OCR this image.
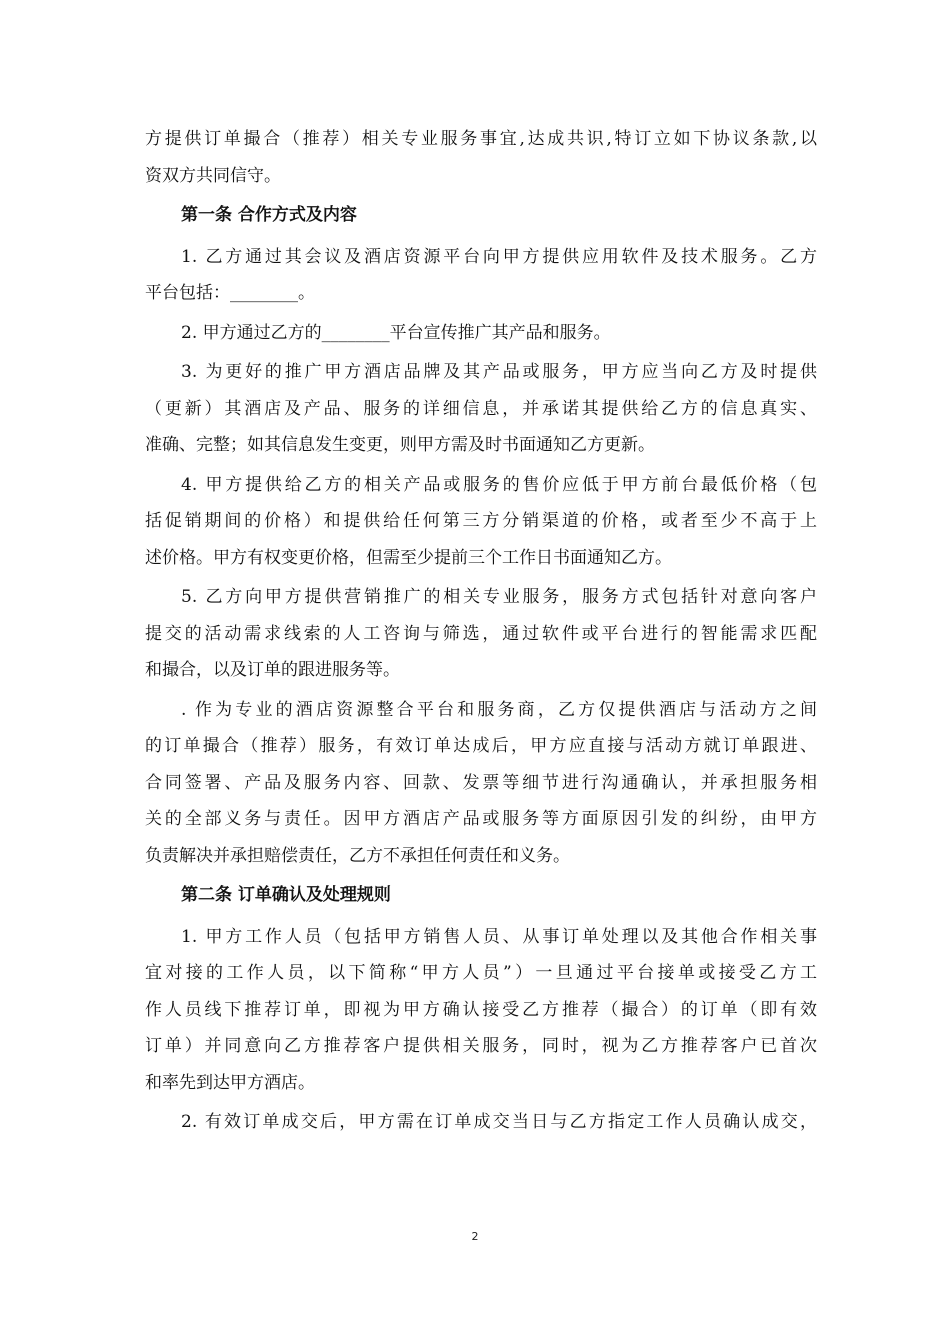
方提供订单撮合（推荐）相关专业服务事宜,达成共识,特订立如下协议条款,以
资双方共同信守。

第一条 合作方式及内容

1. 乙方通过其会议及酒店资源平台向甲方提供应用软件及技术服务。乙方
平台包括：________。

2. 甲方通过乙方的________平台宣传推广其产品和服务。

3. 为更好的推广甲方酒店品牌及其产品或服务，甲方应当向乙方及时提供
（更新）其酒店及产品、服务的详细信息，并承诺其提供给乙方的信息真实、
准确、完整；如其信息发生变更，则甲方需及时书面通知乙方更新。

4. 甲方提供给乙方的相关产品或服务的售价应低于甲方前台最低价格（包
括促销期间的价格）和提供给任何第三方分销渠道的价格，或者至少不高于上
述价格。甲方有权变更价格，但需至少提前三个工作日书面通知乙方。

5. 乙方向甲方提供营销推广的相关专业服务，服务方式包括针对意向客户
提交的活动需求线索的人工咨询与筛选，通过软件或平台进行的智能需求匹配
和撮合，以及订单的跟进服务等。

. 作为专业的酒店资源整合平台和服务商，乙方仅提供酒店与活动方之间
的订单撮合（推荐）服务，有效订单达成后，甲方应直接与活动方就订单跟进、
合同签署、产品及服务内容、回款、发票等细节进行沟通确认，并承担服务相
关的全部义务与责任。因甲方酒店产品或服务等方面原因引发的纠纷，由甲方
负责解决并承担赔偿责任，乙方不承担任何责任和义务。

第二条 订单确认及处理规则

1. 甲方工作人员（包括甲方销售人员、从事订单处理以及其他合作相关事
宜对接的工作人员，以下简称“甲方人员”）一旦通过平台接单或接受乙方工
作人员线下推荐订单，即视为甲方确认接受乙方推荐（撮合）的订单（即有效
订单）并同意向乙方推荐客户提供相关服务，同时，视为乙方推荐客户已首次
和率先到达甲方酒店。

2. 有效订单成交后，甲方需在订单成交当日与乙方指定工作人员确认成交，

2
